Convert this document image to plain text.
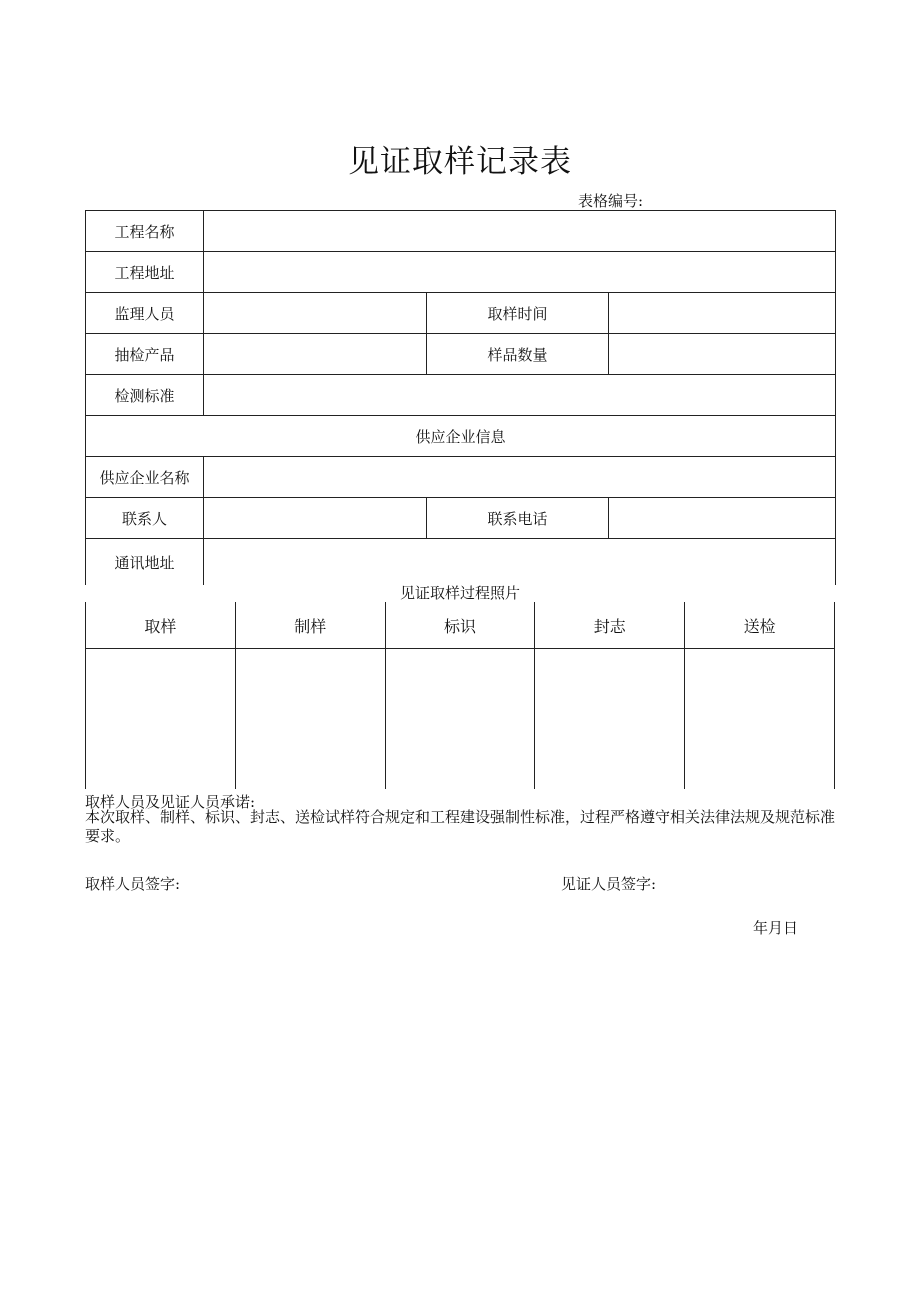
见证取样记录表
表格编号:
工程名称			
工程地址			
监理人员		取样时间	
抽检产品		样品数量	
检测标准			
供应企业信息			
供应企业名称			
联系人		联系电话	
通讯地址			
见证取样过程照片
取样	制样	标识	封志	送检

取样人员及见证人员承诺:
本次取样、制样、标识、封志、送检试样符合规定和工程建设强制性标准，过程严格遵守相关法律法规及规范标准要求。
取样人员签字:	见证人员签字:
年月日
